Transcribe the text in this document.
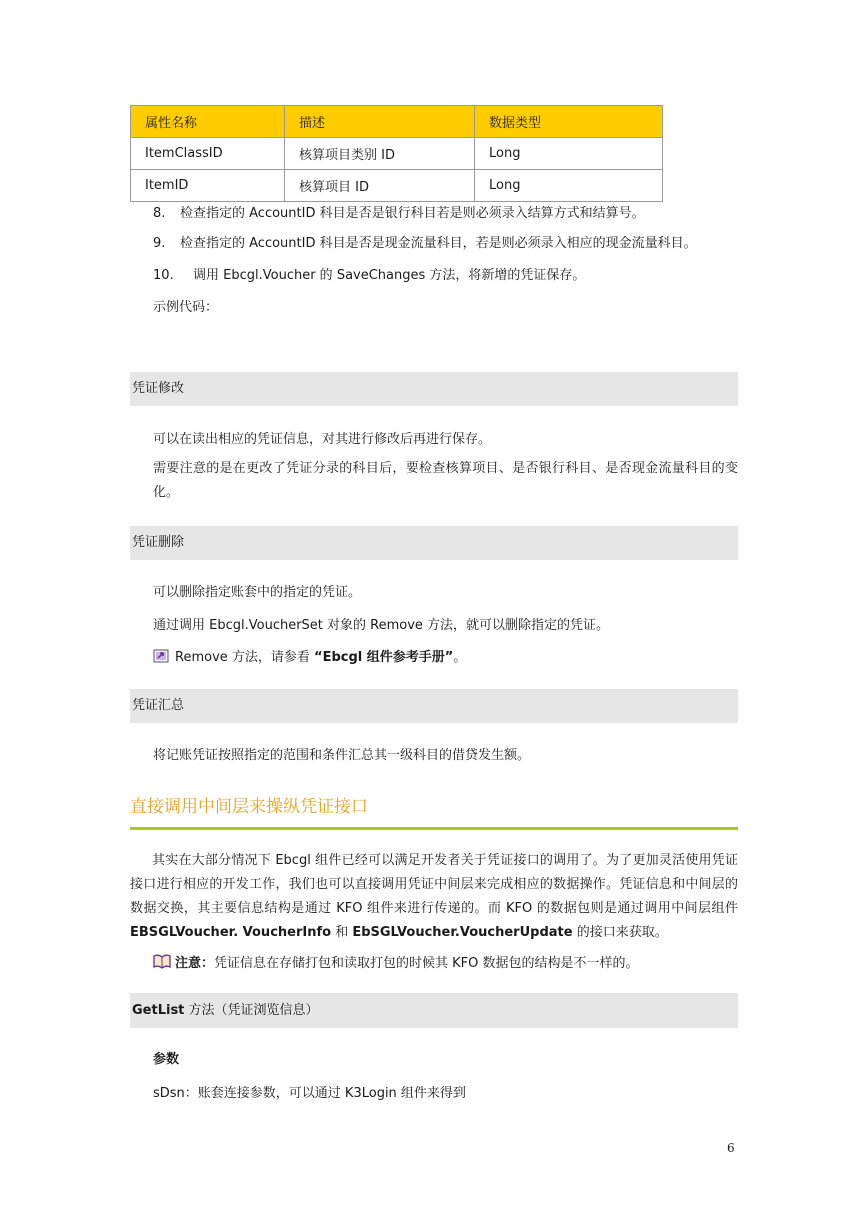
属性名称	描述	数据类型
ItemClassID	核算项目类别 ID	Long
ItemID	核算项目 ID	Long
8. 检查指定的 AccountID 科目是否是银行科目若是则必须录入结算方式和结算号。
9. 检查指定的 AccountID 科目是否是现金流量科目，若是则必须录入相应的现金流量科目。
10. 调用 Ebcgl.Voucher 的 SaveChanges 方法，将新增的凭证保存。
示例代码：
凭证修改
可以在读出相应的凭证信息，对其进行修改后再进行保存。
需要注意的是在更改了凭证分录的科目后，要检查核算项目、是否银行科目、是否现金流量科目的变化。
凭证删除
可以删除指定账套中的指定的凭证。
通过调用 Ebcgl.VoucherSet 对象的 Remove 方法，就可以删除指定的凭证。
Remove 方法，请参看 “Ebcgl 组件参考手册”。
凭证汇总
将记账凭证按照指定的范围和条件汇总其一级科目的借贷发生额。
直接调用中间层来操纵凭证接口
其实在大部分情况下 Ebcgl 组件已经可以满足开发者关于凭证接口的调用了。为了更加灵活使用凭证接口进行相应的开发工作，我们也可以直接调用凭证中间层来完成相应的数据操作。凭证信息和中间层的数据交换，其主要信息结构是通过 KFO 组件来进行传递的。而 KFO 的数据包则是通过调用中间层组件EBSGLVoucher. VoucherInfo 和 EbSGLVoucher.VoucherUpdate 的接口来获取。
注意：凭证信息在存储打包和读取打包的时候其 KFO 数据包的结构是不一样的。
GetList 方法（凭证浏览信息）
参数
sDsn：账套连接参数，可以通过 K3Login 组件来得到
6
